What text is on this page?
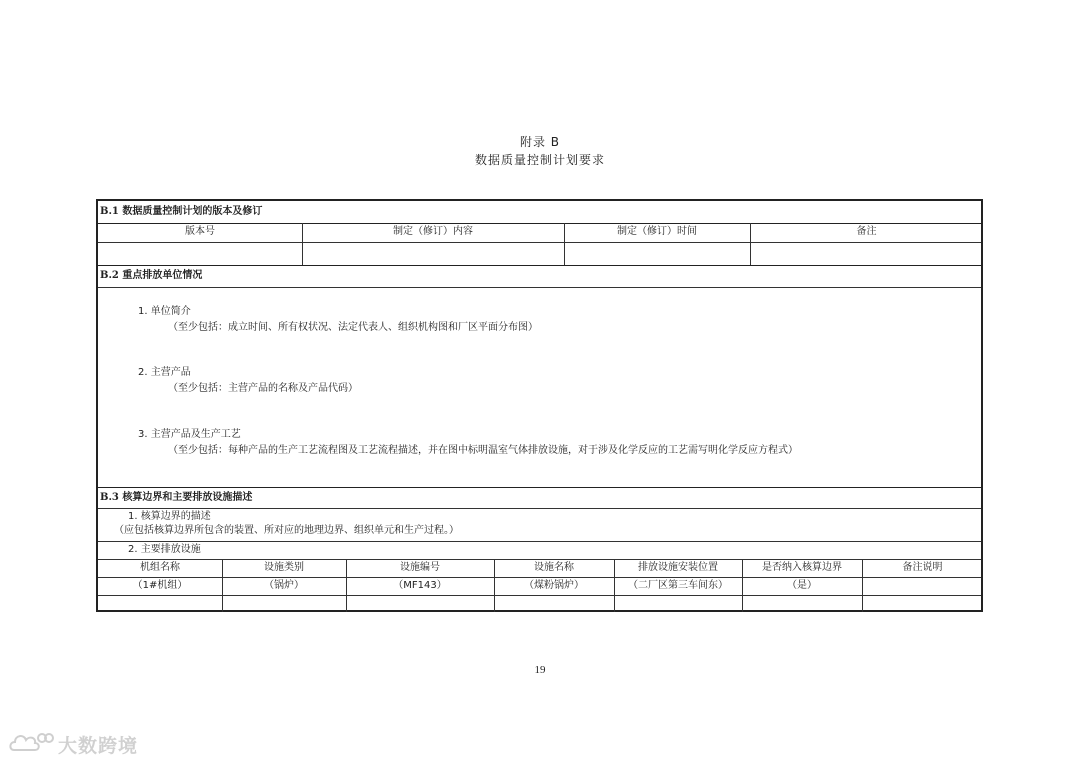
附录 B
数据质量控制计划要求
B.1 数据质量控制计划的版本及修订
版本号	制定（修订）内容	制定（修订）时间	备注
B.2 重点排放单位情况
1. 单位简介
（至少包括：成立时间、所有权状况、法定代表人、组织机构图和厂区平面分布图）
2. 主营产品
（至少包括：主营产品的名称及产品代码）
3. 主营产品及生产工艺
（至少包括：每种产品的生产工艺流程图及工艺流程描述，并在图中标明温室气体排放设施，对于涉及化学反应的工艺需写明化学反应方程式）
B.3 核算边界和主要排放设施描述
1. 核算边界的描述
（应包括核算边界所包含的装置、所对应的地理边界、组织单元和生产过程。）
2. 主要排放设施
机组名称	设施类别	设施编号	设施名称	排放设施安装位置	是否纳入核算边界	备注说明
（1#机组）	（锅炉）	（MF143）	（煤粉锅炉）	（二厂区第三车间东）	（是）
19
大数跨境
